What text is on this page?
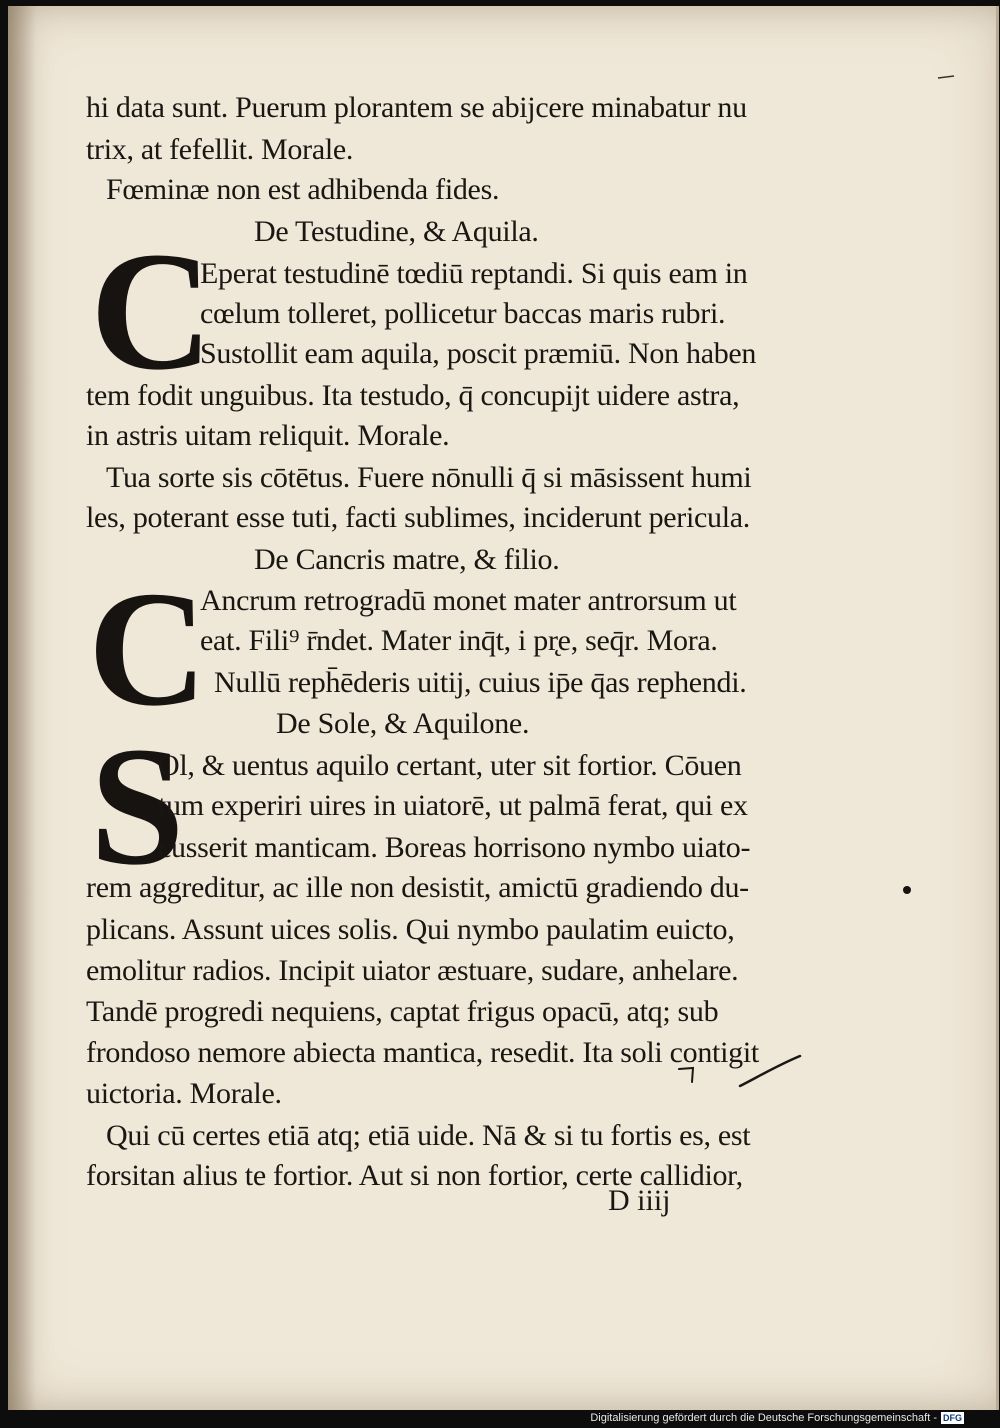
C
C
S
hi data sunt. Puerum plorantem se abijcere minabatur nu
trix, at fefellit. Morale.
Fœminæ non est adhibenda fides.
De Testudine, & Aquila.
Eperat testudinē tœdiū reptandi. Si quis eam in
cœlum tolleret, pollicetur baccas maris rubri.
Sustollit eam aquila, poscit præmiū. Non haben
tem fodit unguibus. Ita testudo, q̄ concupijt uidere astra,
in astris uitam reliquit. Morale.
Tua sorte sis cōtētus. Fuere nōnulli q̄ si māsissent humi
les, poterant esse tuti, facti sublimes, inciderunt pericula.
De Cancris matre, & filio.
Ancrum retrogradū monet mater antrorsum ut
eat. Fili⁹ r̄ndet. Mater inq̄t, i pr̨e, seq̄r. Mora.
Nullū reph̄ēderis uitij, cuius ip̄e q̄as rephendi.
De Sole, & Aquilone.
Ol, & uentus aquilo certant, uter sit fortior. Cōuen
tum experiri uires in uiatorē, ut palmā ferat, qui ex
cusserit manticam. Boreas horrisono nymbo uiato-
rem aggreditur, ac ille non desistit, amictū gradiendo du-
plicans. Assunt uices solis. Qui nymbo paulatim euicto,
emolitur radios. Incipit uiator æstuare, sudare, anhelare.
Tandē progredi nequiens, captat frigus opacū, atq; sub
frondoso nemore abiecta mantica, resedit. Ita soli contigit
uictoria. Morale.
Qui cū certes etiā atq; etiā uide. Nā & si tu fortis es, est
forsitan alius te fortior. Aut si non fortior, certe callidior,
D iiij
Digitalisierung gefördert durch die Deutsche Forschungsgemeinschaft - DFG
